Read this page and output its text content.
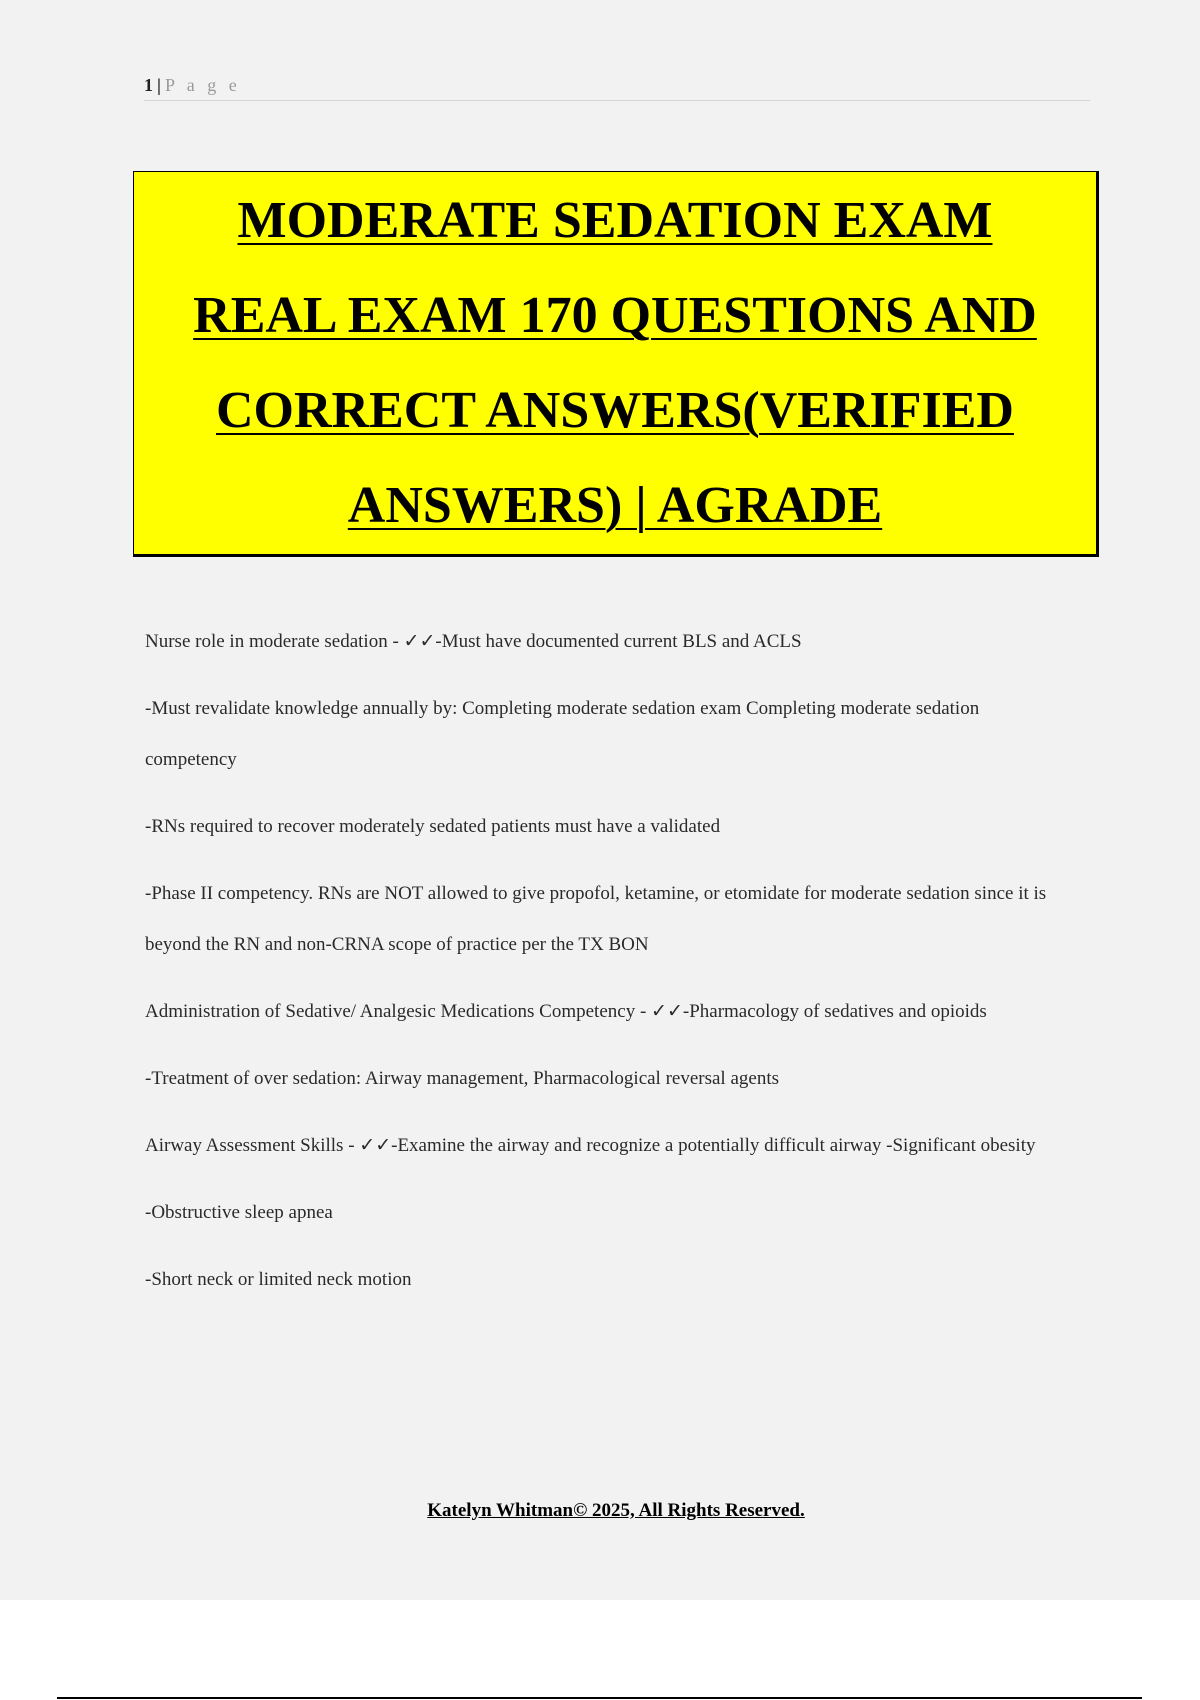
1 | P a g e
MODERATE SEDATION EXAM REAL EXAM 170 QUESTIONS AND CORRECT ANSWERS(VERIFIED ANSWERS) | AGRADE

Nurse role in moderate sedation - ✓✓-Must have documented current BLS and ACLS

-Must revalidate knowledge annually by: Completing moderate sedation exam Completing moderate sedation competency

-RNs required to recover moderately sedated patients must have a validated

-Phase II competency. RNs are NOT allowed to give propofol, ketamine, or etomidate for moderate sedation since it is beyond the RN and non-CRNA scope of practice per the TX BON

Administration of Sedative/ Analgesic Medications Competency - ✓✓-Pharmacology of sedatives and opioids

-Treatment of over sedation: Airway management, Pharmacological reversal agents

Airway Assessment Skills - ✓✓-Examine the airway and recognize a potentially difficult airway -Significant obesity

-Obstructive sleep apnea

-Short neck or limited neck motion

Katelyn Whitman© 2025, All Rights Reserved.
